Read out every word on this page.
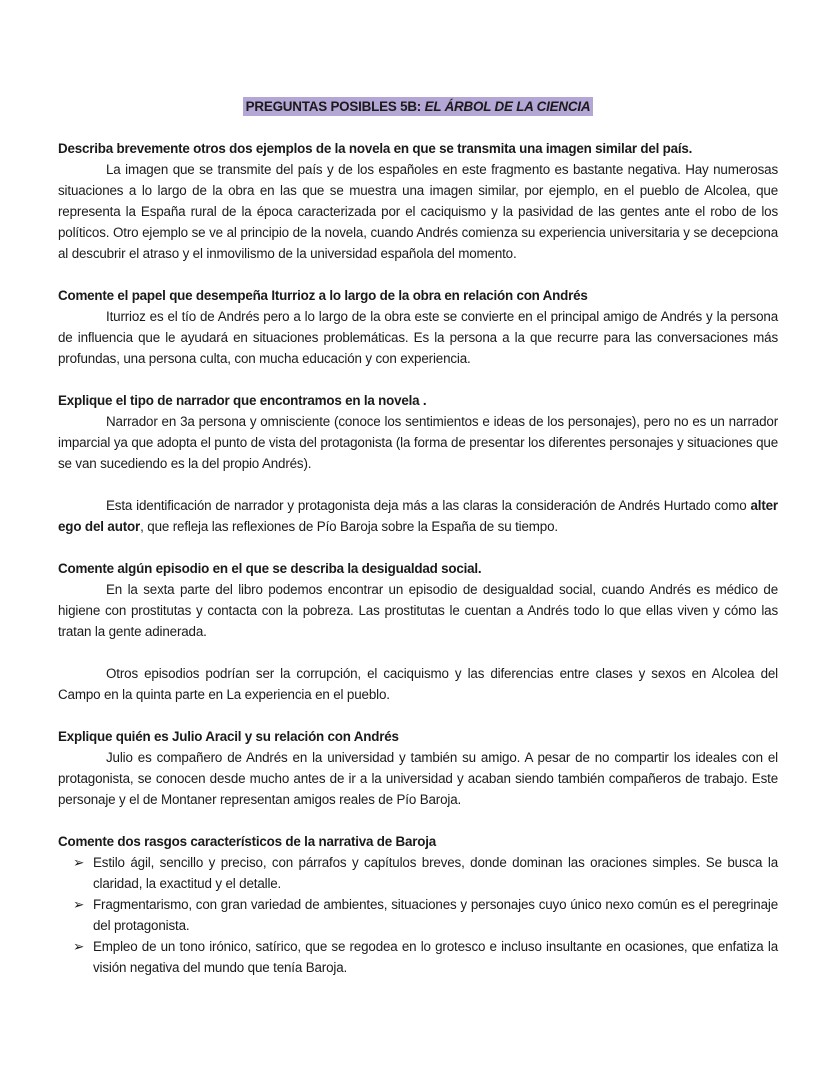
PREGUNTAS POSIBLES 5B: EL ÁRBOL DE LA CIENCIA
Describa brevemente otros dos ejemplos de la novela en que se transmita una imagen similar del país.

La imagen que se transmite del país y de los españoles en este fragmento es bastante negativa. Hay numerosas situaciones a lo largo de la obra en las que se muestra una imagen similar, por ejemplo, en el pueblo de Alcolea, que representa la España rural de la época caracterizada por el caciquismo y la pasividad de las gentes ante el robo de los políticos. Otro ejemplo se ve al principio de la novela, cuando Andrés comienza su experiencia universitaria y se decepciona al descubrir el atraso y el inmovilismo de la universidad española del momento.

Comente el papel que desempeña Iturrioz a lo largo de la obra en relación con Andrés

Iturrioz es el tío de Andrés pero a lo largo de la obra este se convierte en el principal amigo de Andrés y la persona de influencia que le ayudará en situaciones problemáticas. Es la persona a la que recurre para las conversaciones más profundas, una persona culta, con mucha educación y con experiencia.

Explique el tipo de narrador que encontramos en la novela .

Narrador en 3a persona y omnisciente (conoce los sentimientos e ideas de los personajes), pero no es un narrador imparcial ya que adopta el punto de vista del protagonista (la forma de presentar los diferentes personajes y situaciones que se van sucediendo es la del propio Andrés).

Esta identificación de narrador y protagonista deja más a las claras la consideración de Andrés Hurtado como alter ego del autor, que refleja las reflexiones de Pío Baroja sobre la España de su tiempo.

Comente algún episodio en el que se describa la desigualdad social.

En la sexta parte del libro podemos encontrar un episodio de desigualdad social, cuando Andrés es médico de higiene con prostitutas y contacta con la pobreza. Las prostitutas le cuentan a Andrés todo lo que ellas viven y cómo las tratan la gente adinerada.

Otros episodios podrían ser la corrupción, el caciquismo y las diferencias entre clases y sexos en Alcolea del Campo en la quinta parte en La experiencia en el pueblo.

Explique quién es Julio Aracil y su relación con Andrés

Julio es compañero de Andrés en la universidad y también su amigo. A pesar de no compartir los ideales con el protagonista, se conocen desde mucho antes de ir a la universidad y acaban siendo también compañeros de trabajo. Este personaje y el de Montaner representan amigos reales de Pío Baroja.

Comente dos rasgos característicos de la narrativa de Baroja
➢ Estilo ágil, sencillo y preciso, con párrafos y capítulos breves, donde dominan las oraciones simples. Se busca la claridad, la exactitud y el detalle.
➢ Fragmentarismo, con gran variedad de ambientes, situaciones y personajes cuyo único nexo común es el peregrinaje del protagonista.
➢ Empleo de un tono irónico, satírico, que se regodea en lo grotesco e incluso insultante en ocasiones, que enfatiza la visión negativa del mundo que tenía Baroja.
